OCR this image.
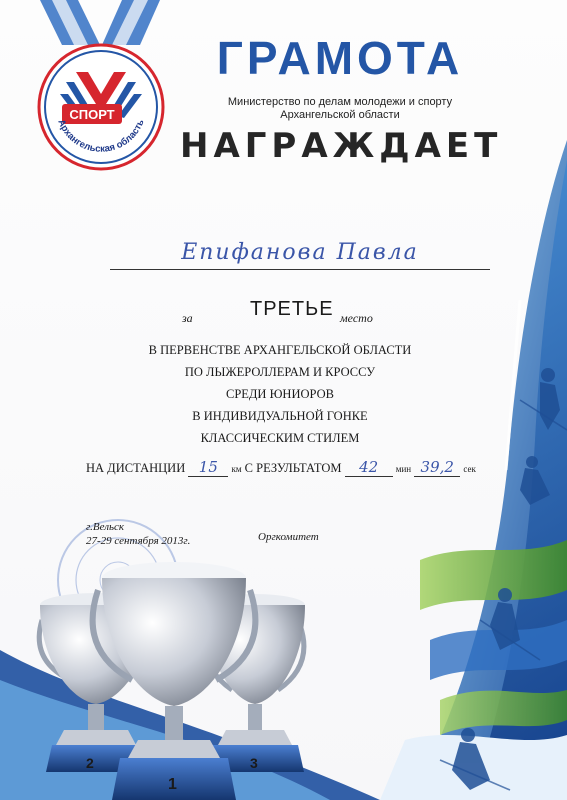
2
1
3
СПОРТ
Архангельская область
ГРАМОТА
Министерство по делам молодежи и спорту
Архангельской области
НАГРАЖДАЕТ
Епифанова Павла
за	ТРЕТЬЕ место
В ПЕРВЕНСТВЕ АРХАНГЕЛЬСКОЙ ОБЛАСТИ
ПО ЛЫЖЕРОЛЛЕРАМ И КРОССУ
СРЕДИ ЮНИОРОВ
В ИНДИВИДУАЛЬНОЙ ГОНКЕ
КЛАССИЧЕСКИМ СТИЛЕМ
НА ДИСТАНЦИИ 15 км С РЕЗУЛЬТАТОМ 42 мин 39,2 сек
г.Вельск
27-29 сентября 2013г.	Оргкомитет
